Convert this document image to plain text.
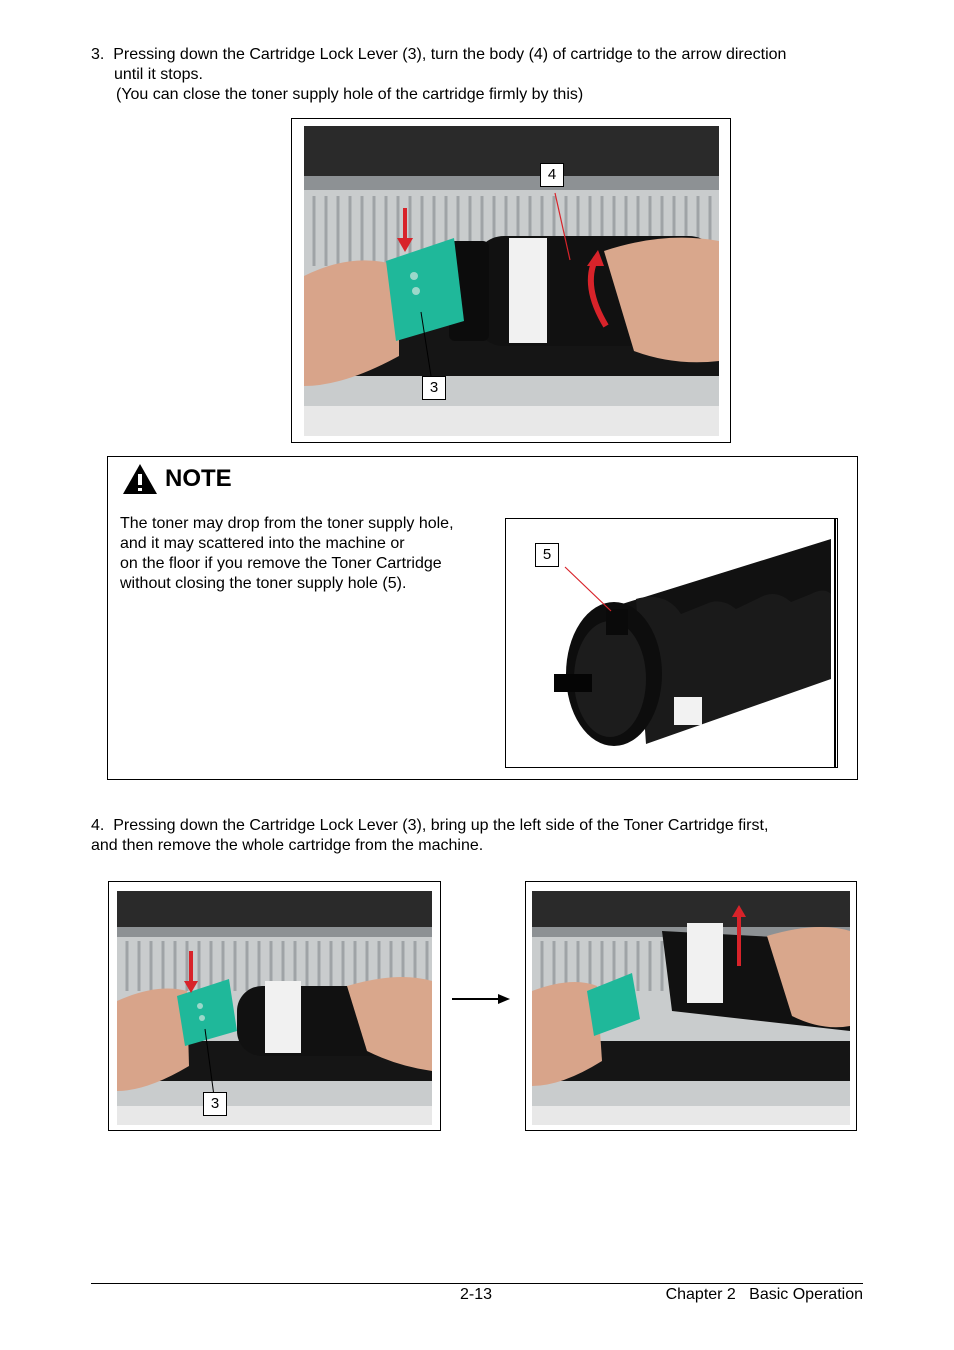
3. Pressing down the Cartridge Lock Lever (3), turn the body (4) of cartridge to the arrow direction
until it stops.
(You can close the toner supply hole of the cartridge firmly by this)
4
3
NOTE
The toner may drop from the toner supply hole,
and it may scattered into the machine or
on the floor if you remove the Toner Cartridge
without closing the toner supply hole (5).
5
4. Pressing down the Cartridge Lock Lever (3), bring up the left side of the Toner Cartridge first,
and then remove the whole cartridge from the machine.
3
2-13	Chapter 2   Basic Operation
